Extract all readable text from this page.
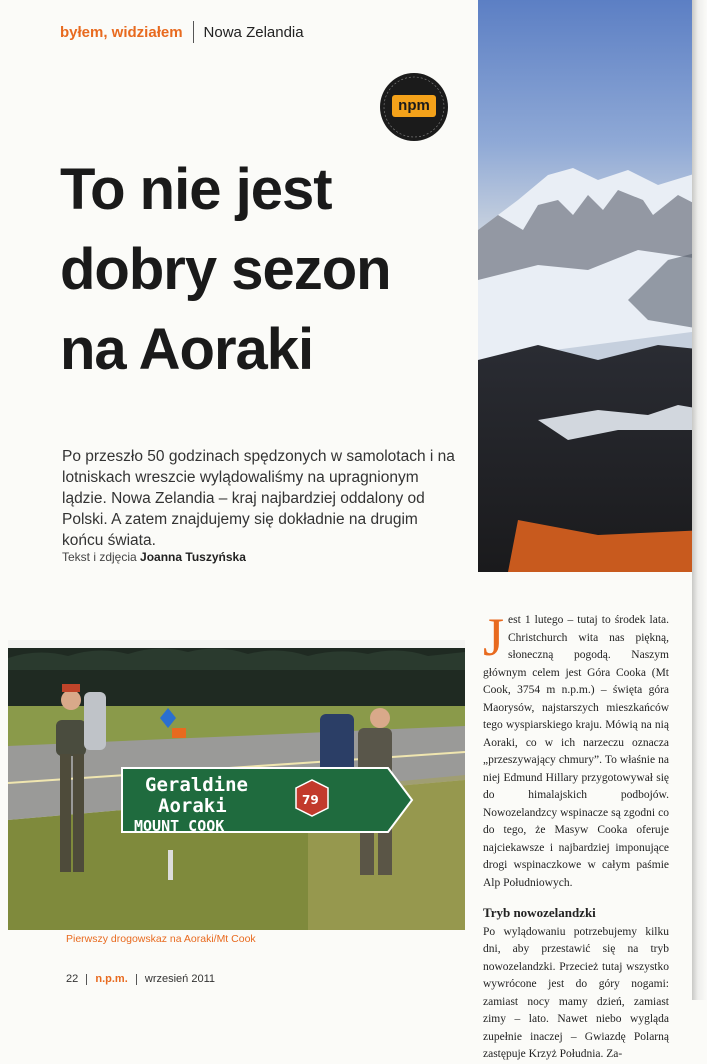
byłem, widziałem Nowa Zelandia
npm
To nie jest
dobry sezon
na Aoraki
Po przeszło 50 godzinach spędzonych w samolotach i na lotniskach wreszcie wylądowaliśmy na upragnionym lądzie. Nowa Zelandia – kraj najbardziej oddalony od Polski. A zatem znajdujemy się dokładnie na drugim końcu świata.
Tekst i zdjęcia Joanna Tuszyńska
Geraldine
Aoraki
MOUNT COOK
79
Pierwszy drogowskaz na Aoraki/Mt Cook
J est 1 lutego – tutaj to środek lata. Christchurch wita nas piękną, słoneczną pogodą. Naszym głównym celem jest Góra Cooka (Mt Cook, 3754 m n.p.m.) – święta góra Maorysów, najstarszych mieszkańców tego wyspiarskiego kraju. Mówią na nią Aoraki, co w ich narzeczu oznacza „przeszywający chmury”. To właśnie na niej Edmund Hillary przygotowywał się do himalajskich podbojów. Nowozelandzcy wspinacze są zgodni co do tego, że Masyw Cooka oferuje najciekawsze i najbardziej imponujące drogi wspinaczkowe w całym paśmie Alp Południowych.

Tryb nowozelandzki

Po wylądowaniu potrzebujemy kilku dni, aby przestawić się na tryb nowozelandzki. Przecież tutaj wszystko wywrócone jest do góry nogami: zamiast nocy mamy dzień, zamiast zimy – lato. Nawet niebo wygląda zupełnie inaczej – Gwiazdę Polarną zastępuje Krzyż Południa. Za-

22 n.p.m. wrzesień 2011
